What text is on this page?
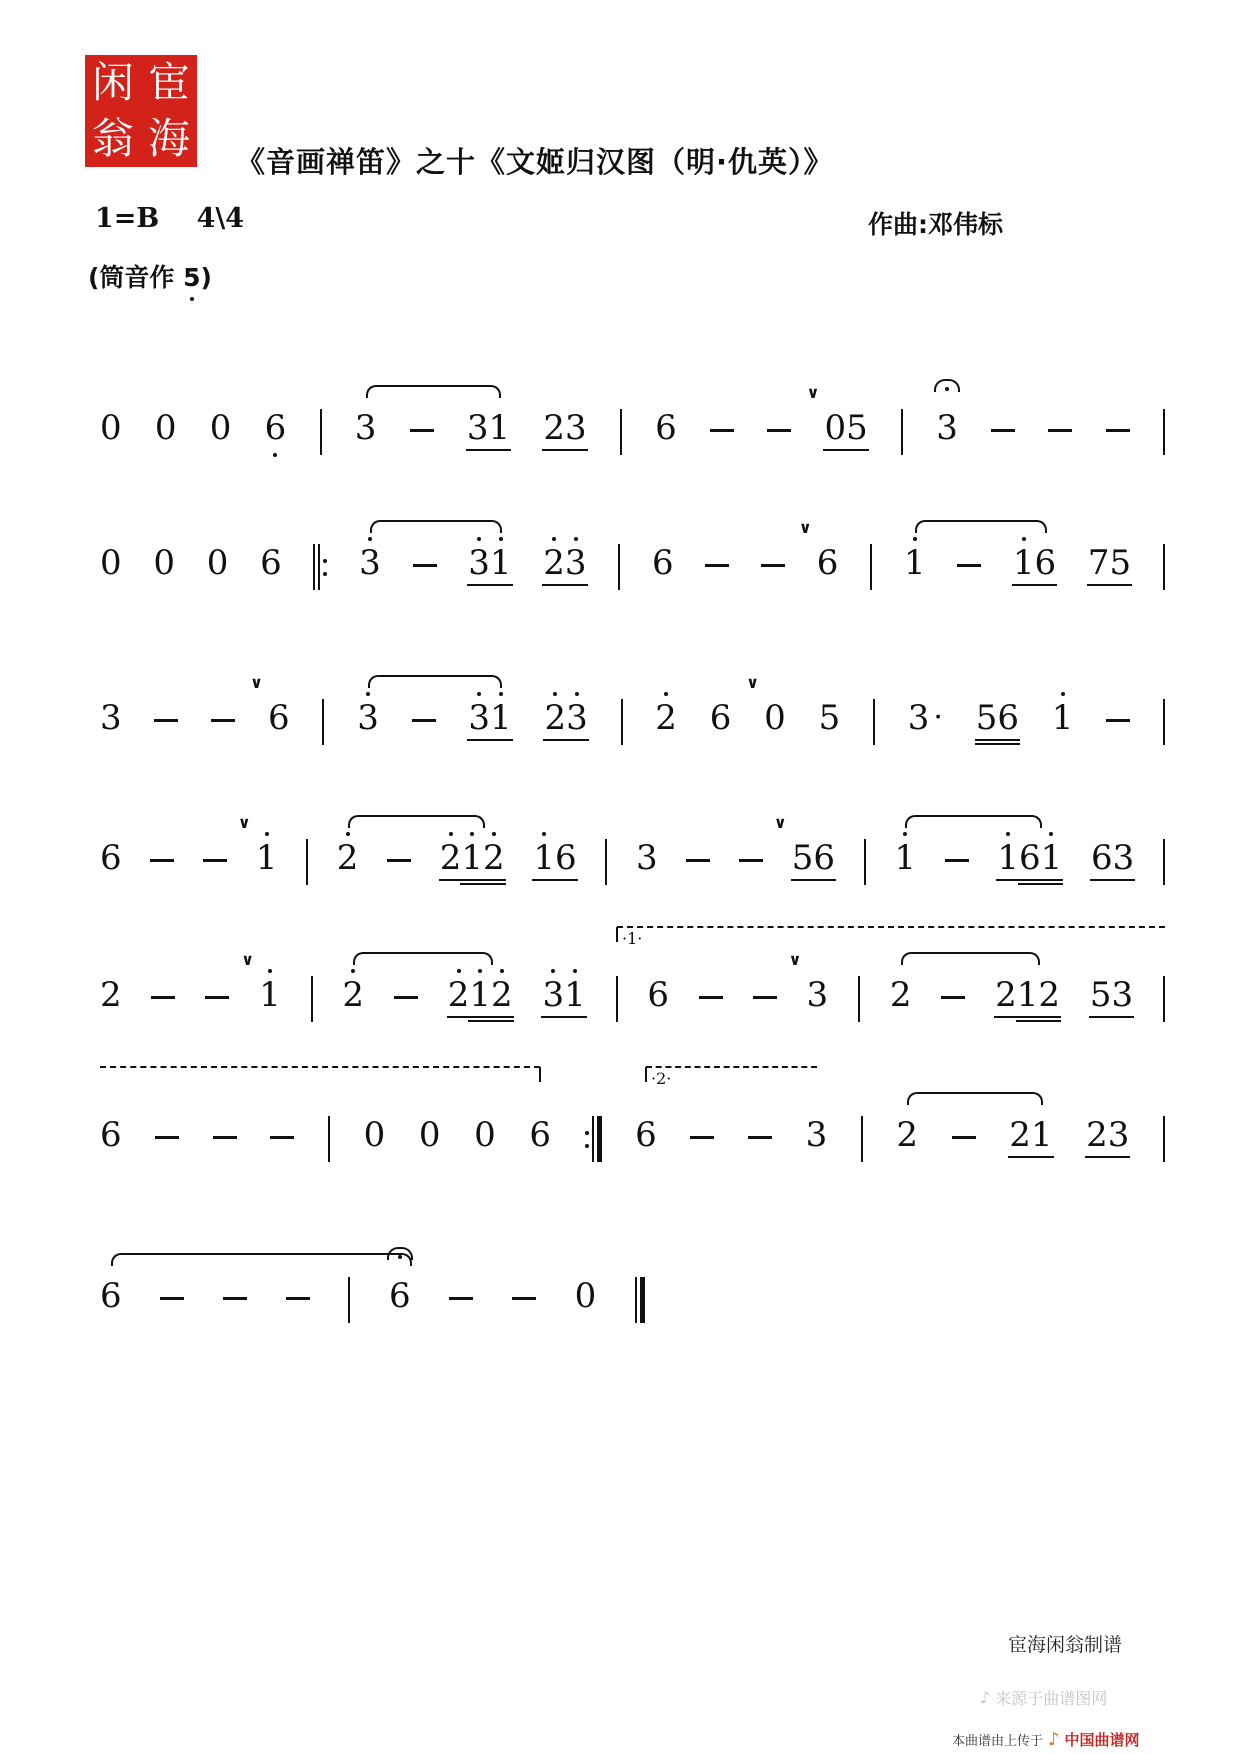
闲 宦
翁 海 《音画禅笛》之十《文姬归汉图（明·仇英）》
1=B 4\4	作曲:邓伟标
(筒音作 5
)
0 0 0 6 3	3 1 2 3 6	0 5
∨
3
0 0 0 6 3	3 1 2 3 6	6
∨
1	1 6 7 5
3	6
∨
3	3 1 2 3 2 6 0
∨
5 3 · 5 6 1
6	1
∨
2 2 1 2 1 6 3	5 6
∨
1 1 6 1 6 3
2	1
∨
2 2 1 2 3 1 6	3
∨
2 2 1 2 5 3
·1·
6	0 0 0 6 6	3 2	2 1 2 3
·2·
6	6	0
宦海闲翁制谱
♪ 来源于曲谱图网
本曲谱由上传于 ♪ 中国曲谱网
